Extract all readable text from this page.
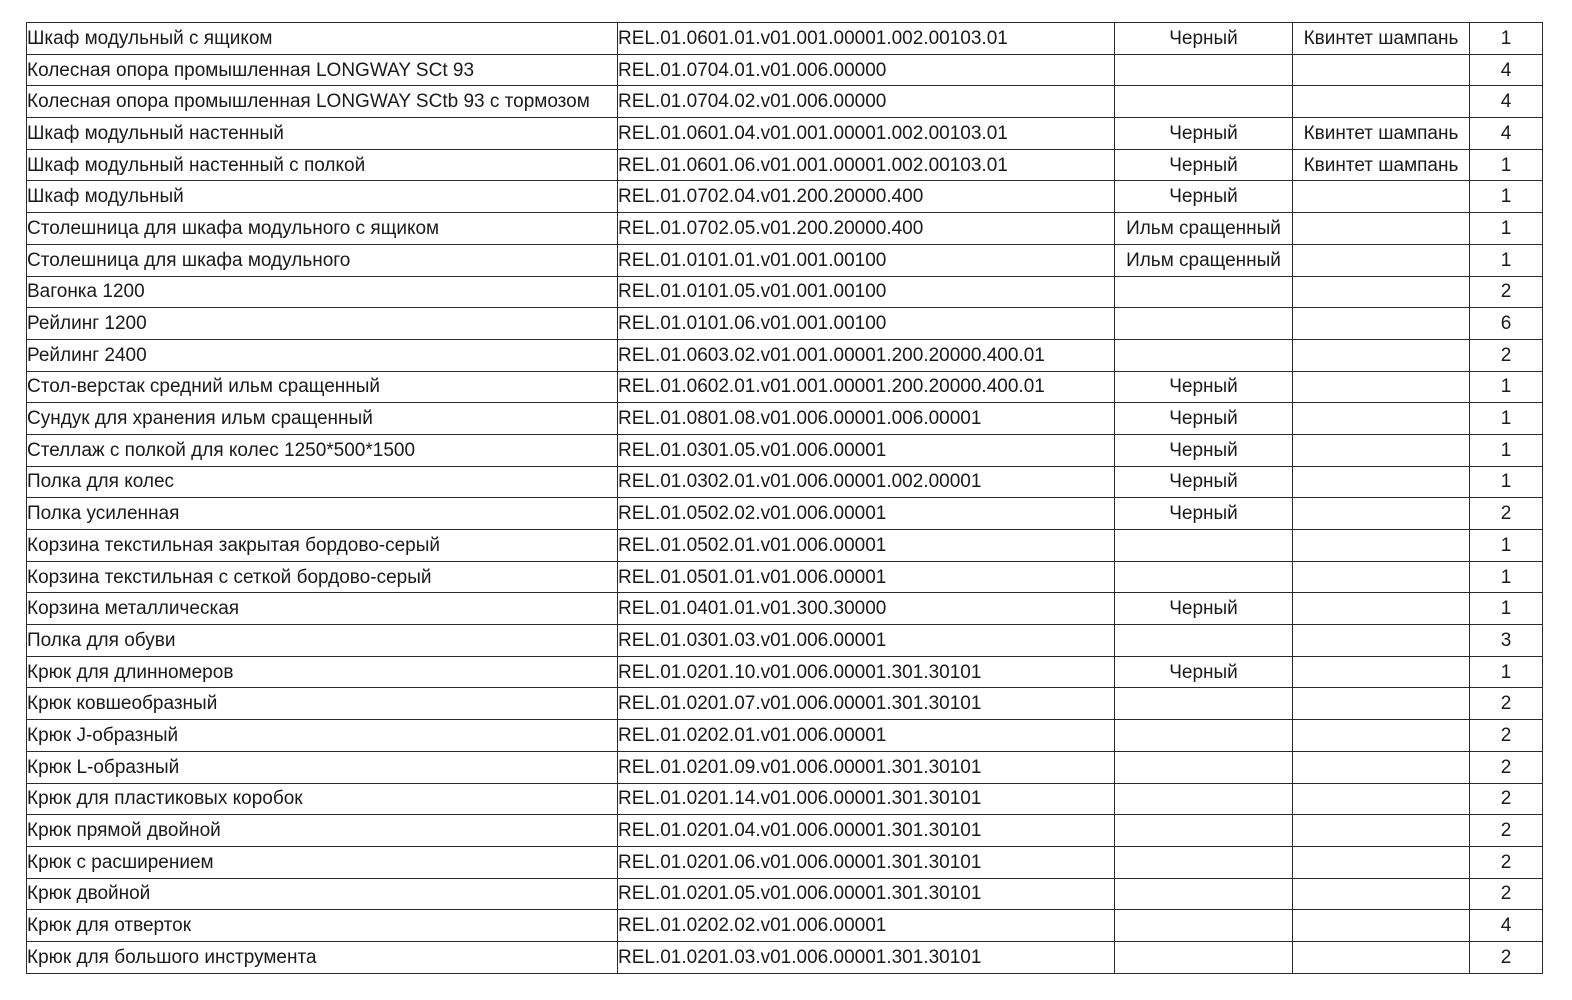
Шкаф модульный с ящиком	REL.01.0601.01.v01.001.00001.002.00103.01	Черный	Квинтет шампань	1
Колесная опора промышленная LONGWAY SCt 93	REL.01.0704.01.v01.006.00000			4
Колесная опора промышленная LONGWAY SCtb 93 с тормозом	REL.01.0704.02.v01.006.00000			4
Шкаф модульный настенный	REL.01.0601.04.v01.001.00001.002.00103.01	Черный	Квинтет шампань	4
Шкаф модульный настенный с полкой	REL.01.0601.06.v01.001.00001.002.00103.01	Черный	Квинтет шампань	1
Шкаф модульный	REL.01.0702.04.v01.200.20000.400	Черный		1
Столешница для шкафа модульного с ящиком	REL.01.0702.05.v01.200.20000.400	Ильм сращенный		1
Столешница для шкафа модульного	REL.01.0101.01.v01.001.00100	Ильм сращенный		1
Вагонка 1200	REL.01.0101.05.v01.001.00100			2
Рейлинг 1200	REL.01.0101.06.v01.001.00100			6
Рейлинг 2400	REL.01.0603.02.v01.001.00001.200.20000.400.01			2
Стол-верстак средний ильм сращенный	REL.01.0602.01.v01.001.00001.200.20000.400.01	Черный		1
Сундук для хранения ильм сращенный	REL.01.0801.08.v01.006.00001.006.00001	Черный		1
Стеллаж с полкой для колес 1250*500*1500	REL.01.0301.05.v01.006.00001	Черный		1
Полка для колес	REL.01.0302.01.v01.006.00001.002.00001	Черный		1
Полка усиленная	REL.01.0502.02.v01.006.00001	Черный		2
Корзина текстильная закрытая бордово-серый	REL.01.0502.01.v01.006.00001			1
Корзина текстильная с сеткой бордово-серый	REL.01.0501.01.v01.006.00001			1
Корзина металлическая	REL.01.0401.01.v01.300.30000	Черный		1
Полка для обуви	REL.01.0301.03.v01.006.00001			3
Крюк для длинномеров	REL.01.0201.10.v01.006.00001.301.30101	Черный		1
Крюк ковшеобразный	REL.01.0201.07.v01.006.00001.301.30101			2
Крюк J-образный	REL.01.0202.01.v01.006.00001			2
Крюк L-образный	REL.01.0201.09.v01.006.00001.301.30101			2
Крюк для пластиковых коробок	REL.01.0201.14.v01.006.00001.301.30101			2
Крюк прямой двойной	REL.01.0201.04.v01.006.00001.301.30101			2
Крюк с расширением	REL.01.0201.06.v01.006.00001.301.30101			2
Крюк двойной	REL.01.0201.05.v01.006.00001.301.30101			2
Крюк для отверток	REL.01.0202.02.v01.006.00001			4
Крюк для большого инструмента	REL.01.0201.03.v01.006.00001.301.30101			2
